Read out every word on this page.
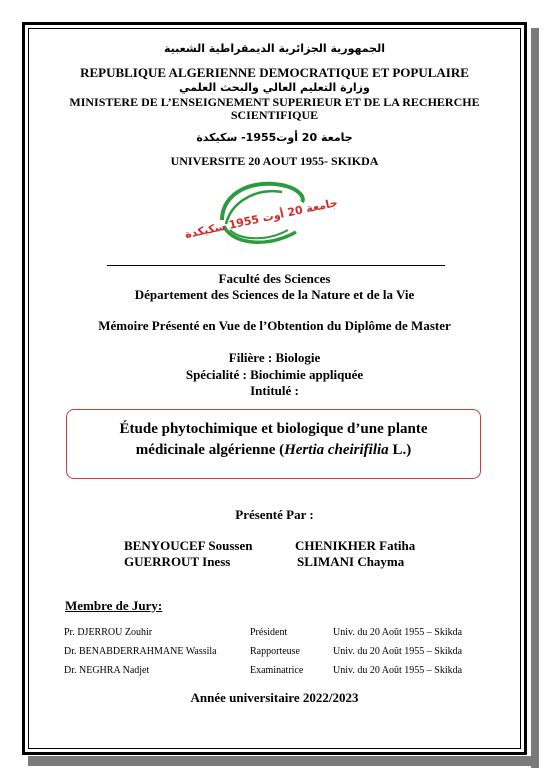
الجمهورية الجزائرية الديمقراطية الشعبية

REPUBLIQUE ALGERIENNE DEMOCRATIQUE ET POPULAIRE

وزارة التعليم العالي والبحث العلمي

MINISTERE DE L’ENSEIGNEMENT SUPERIEUR ET DE LA RECHERCHE

SCIENTIFIQUE

جامعة 20 أوت1955- سكيكدة

UNIVERSITE 20 AOUT 1955- SKIKDA

جامعة 20 أوت 1955 سكيكدة

Faculté des Sciences

Département des Sciences de la Nature et de la Vie

Mémoire Présenté en Vue de l’Obtention du Diplôme de Master

Filière : Biologie

Spécialité : Biochimie appliquée

Intitulé :

Étude phytochimique et biologique d’une plante
médicinale algérienne (Hertia cheirifilia L.)

Présenté Par :

BENYOUCEF Soussen	CHENIKHER Fatiha
GUERROUT Iness	SLIMANI Chayma
Membre de Jury:
Pr. DJERROU Zouhir	Président	Univ. du 20 Août 1955 – Skikda
Dr. BENABDERRAHMANE Wassila	Rapporteuse	Univ. du 20 Août 1955 – Skikda
Dr. NEGHRA Nadjet	Examinatrice	Univ. du 20 Août 1955 – Skikda

Année universitaire 2022/2023
